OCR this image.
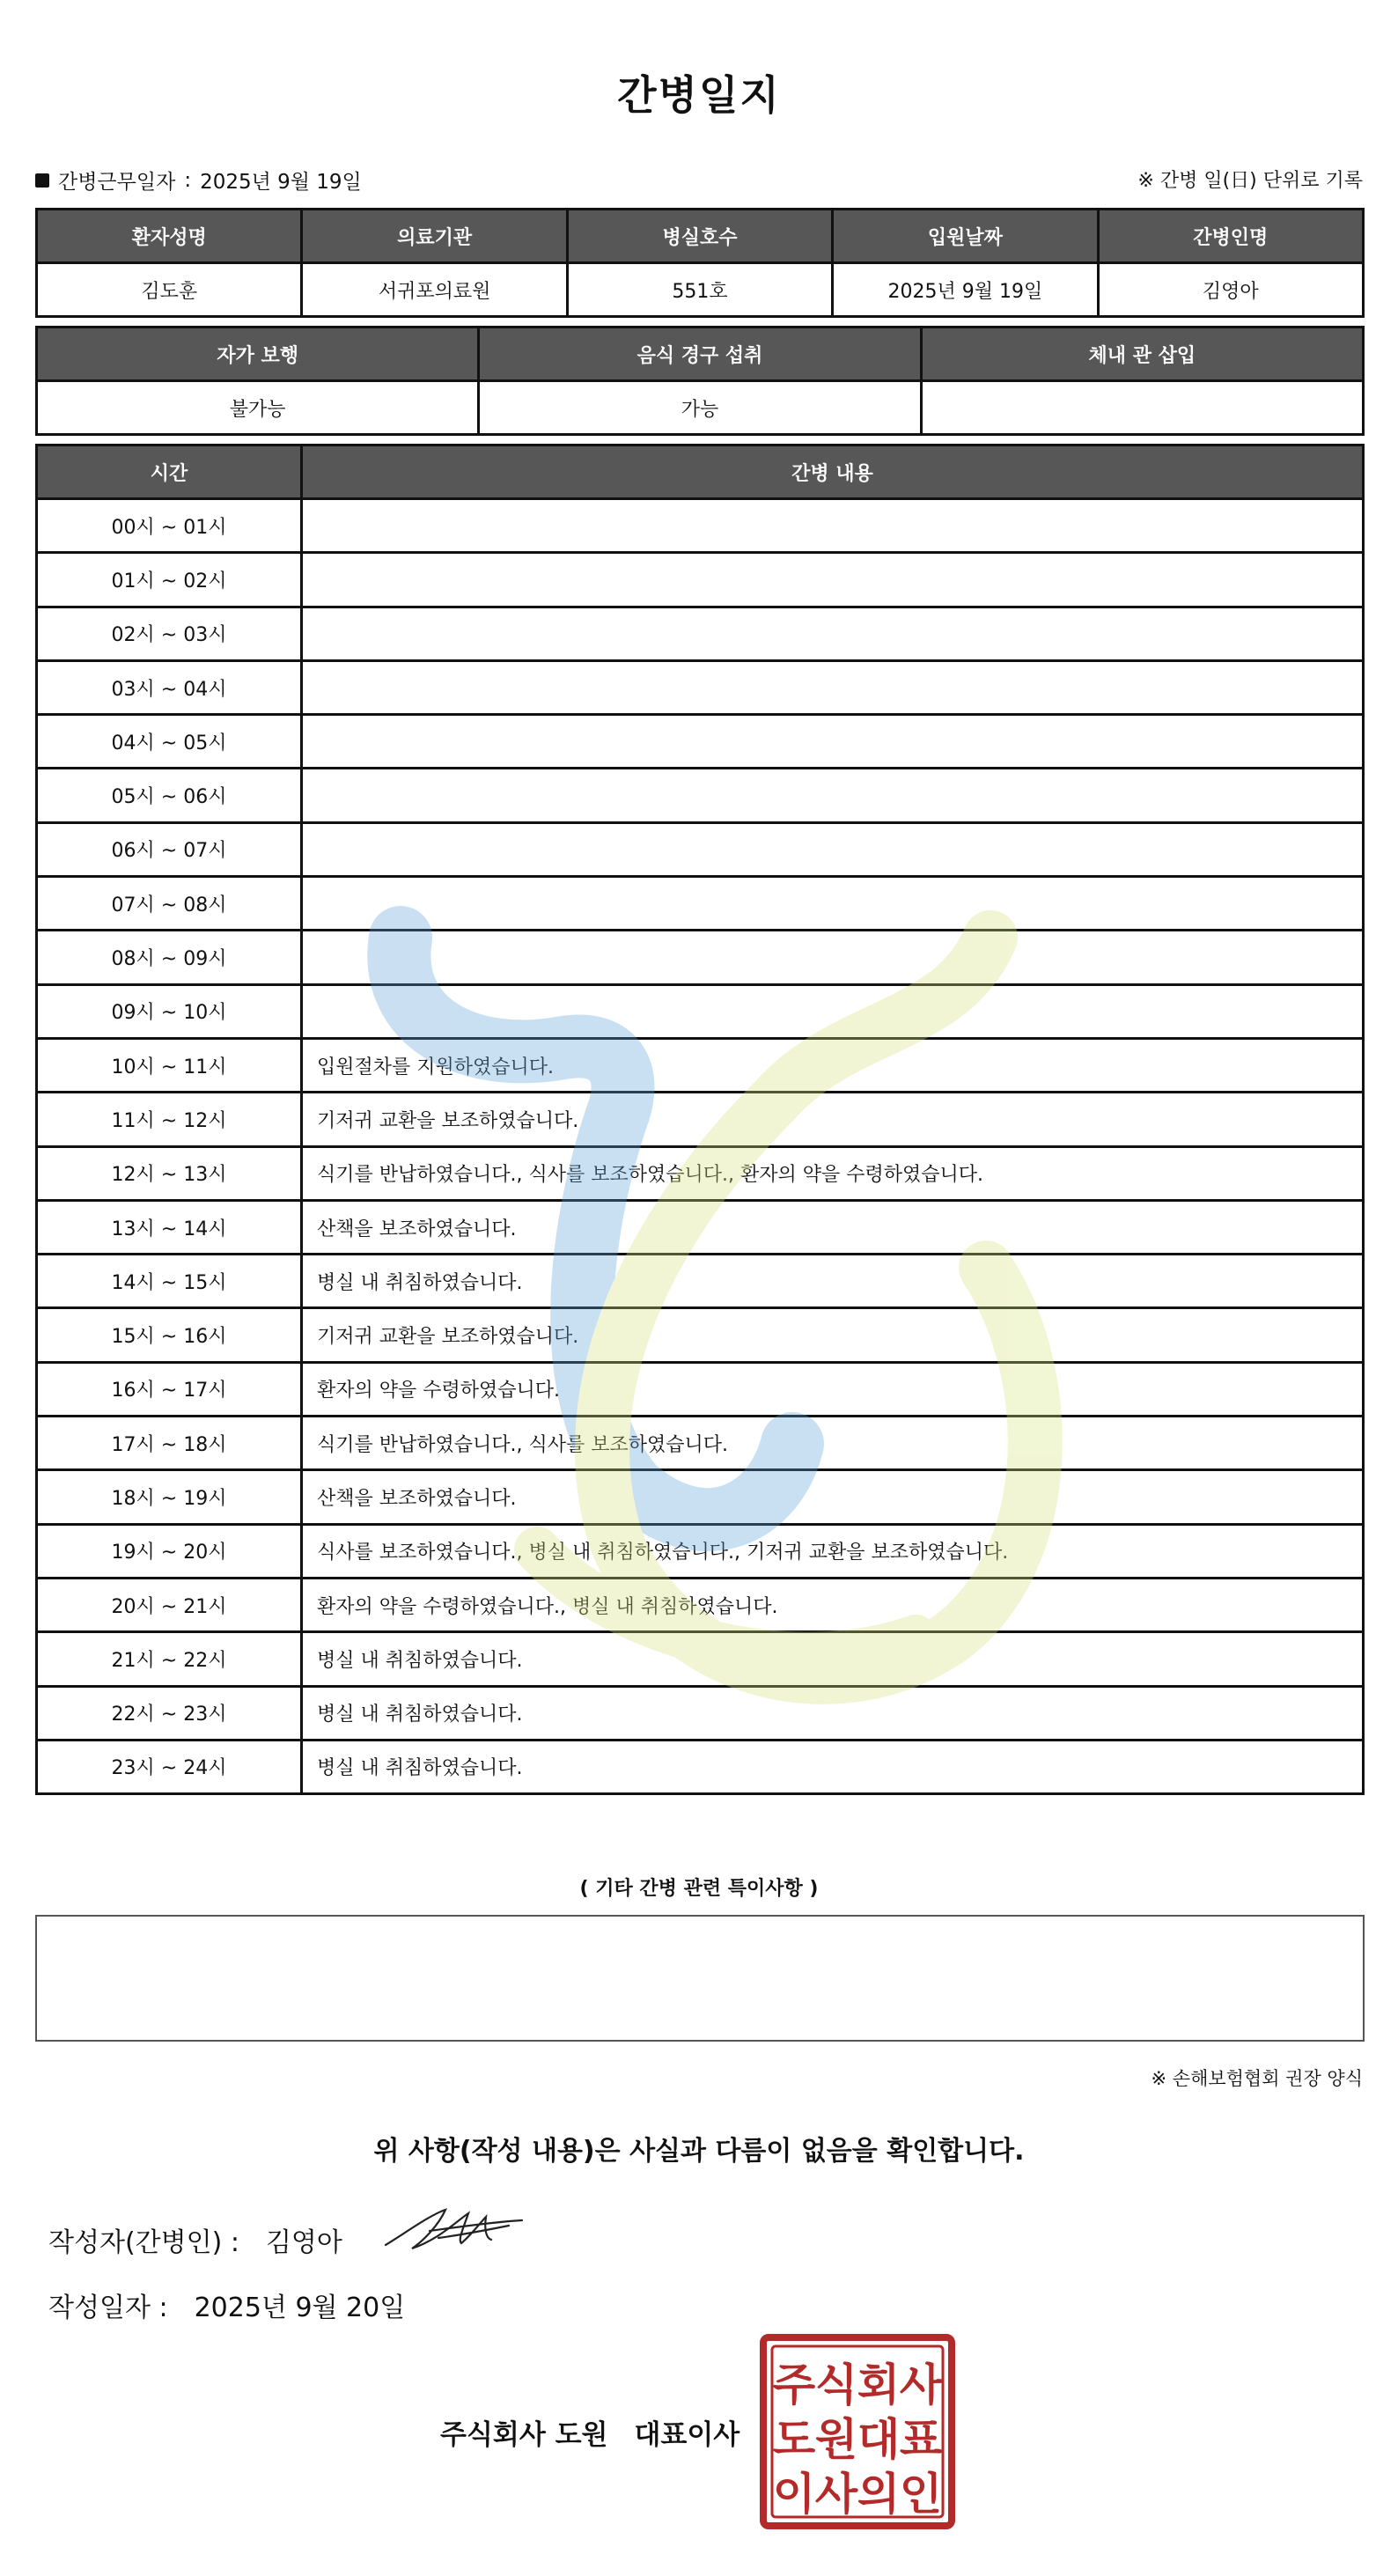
간병일지
간병근무일자 : 2025년 9월 19일	※ 간병 일(日) 단위로 기록
환자성명	의료기관	병실호수	입원날짜	간병인명
김도훈	서귀포의료원	551호	2025년 9월 19일	김영아
자가 보행	음식 경구 섭취	체내 관 삽입
불가능	가능	
시간	간병 내용
00시 ~ 01시	
01시 ~ 02시	
02시 ~ 03시	
03시 ~ 04시	
04시 ~ 05시	
05시 ~ 06시	
06시 ~ 07시	
07시 ~ 08시	
08시 ~ 09시	
09시 ~ 10시	
10시 ~ 11시	입원절차를 지원하였습니다.
11시 ~ 12시	기저귀 교환을 보조하였습니다.
12시 ~ 13시	식기를 반납하였습니다., 식사를 보조하였습니다., 환자의 약을 수령하였습니다.
13시 ~ 14시	산책을 보조하였습니다.
14시 ~ 15시	병실 내 취침하였습니다.
15시 ~ 16시	기저귀 교환을 보조하였습니다.
16시 ~ 17시	환자의 약을 수령하였습니다.
17시 ~ 18시	식기를 반납하였습니다., 식사를 보조하였습니다.
18시 ~ 19시	산책을 보조하였습니다.
19시 ~ 20시	식사를 보조하였습니다., 병실 내 취침하였습니다., 기저귀 교환을 보조하였습니다.
20시 ~ 21시	환자의 약을 수령하였습니다., 병실 내 취침하였습니다.
21시 ~ 22시	병실 내 취침하였습니다.
22시 ~ 23시	병실 내 취침하였습니다.
23시 ~ 24시	병실 내 취침하였습니다.
( 기타 간병 관련 특이사항 )
※ 손해보험협회 권장 양식
위 사항(작성 내용)은 사실과 다름이 없음을 확인합니다.
작성자(간병인) : 김영아
작성일자 : 2025년 9월 20일
주식회사 도원 대표이사
주 식 회 사
도 원 대 표
이 사 의 인
